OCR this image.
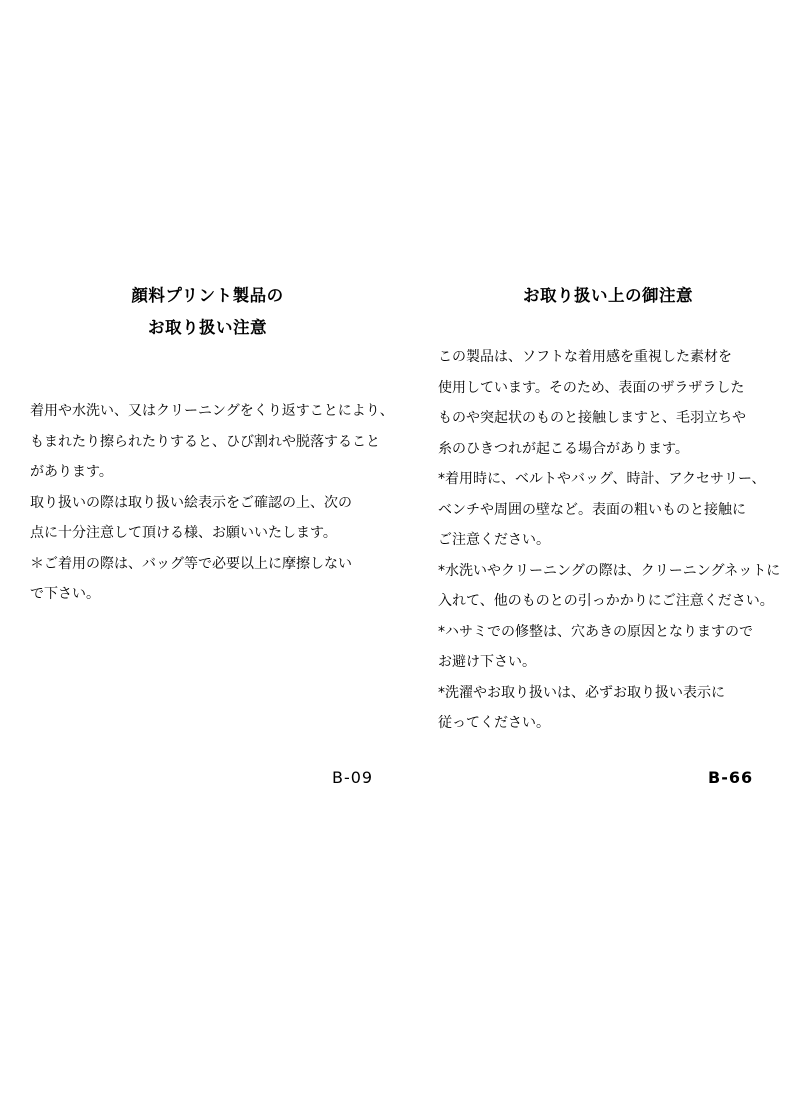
顔料プリント製品の
お取り扱い注意
着用や水洗い、又はクリーニングをくり返すことにより、
もまれたり擦られたりすると、ひび割れや脱落すること
があります。
取り扱いの際は取り扱い絵表示をご確認の上、次の
点に十分注意して頂ける様、お願いいたします。
＊ご着用の際は、バッグ等で必要以上に摩擦しない
で下さい。
お取り扱い上の御注意
この製品は、ソフトな着用感を重視した素材を
使用しています。そのため、表面のザラザラした
ものや突起状のものと接触しますと、毛羽立ちや
糸のひきつれが起こる場合があります。
*着用時に、ベルトやバッグ、時計、アクセサリー、
ベンチや周囲の壁など。表面の粗いものと接触に
ご注意ください。
*水洗いやクリーニングの際は、クリーニングネットに
入れて、他のものとの引っかかりにご注意ください。
*ハサミでの修整は、穴あきの原因となりますので
お避け下さい。
*洗濯やお取り扱いは、必ずお取り扱い表示に
従ってください。
B-09	B-66
